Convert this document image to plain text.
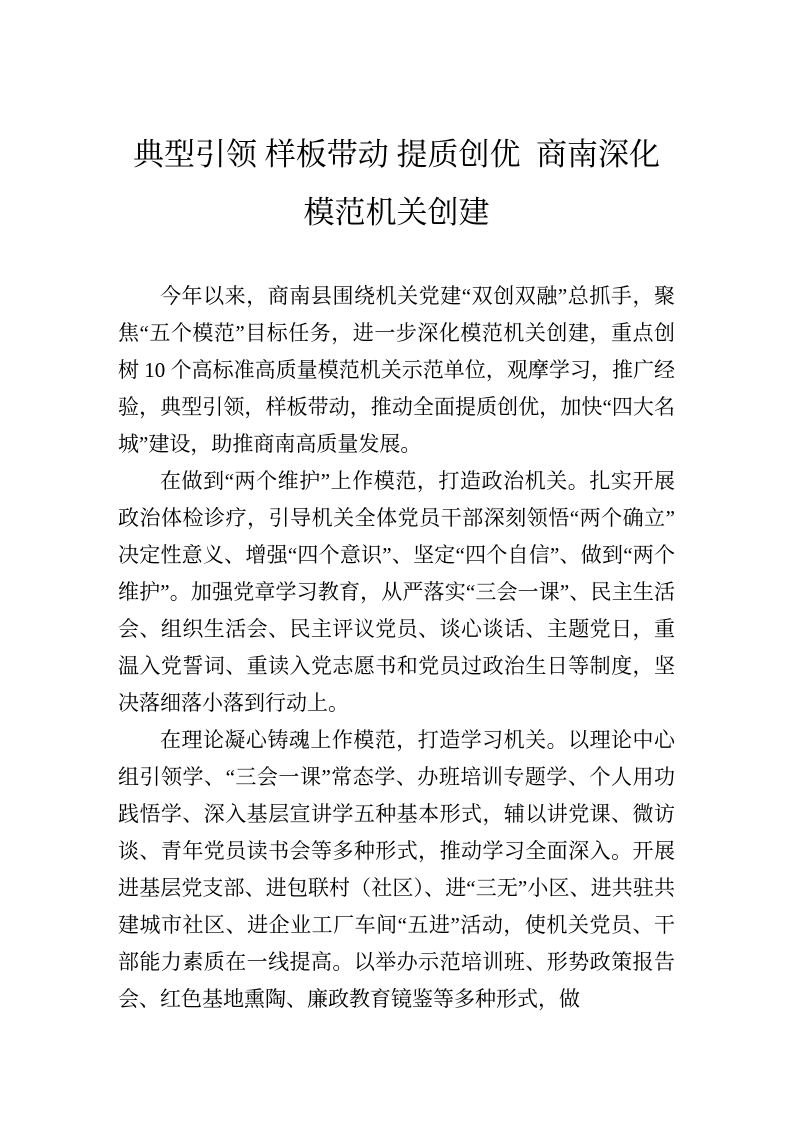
典型引领 样板带动 提质创优  商南深化
模范机关创建

今年以来，商南县围绕机关党建“双创双融”总抓手，聚焦“五个模范”目标任务，进一步深化模范机关创建，重点创树 10 个高标准高质量模范机关示范单位，观摩学习，推广经验，典型引领，样板带动，推动全面提质创优，加快“四大名城”建设，助推商南高质量发展。

在做到“两个维护”上作模范，打造政治机关。扎实开展政治体检诊疗，引导机关全体党员干部深刻领悟“两个确立”决定性意义、增强“四个意识”、坚定“四个自信”、做到“两个维护”。加强党章学习教育，从严落实“三会一课”、民主生活会、组织生活会、民主评议党员、谈心谈话、主题党日，重温入党誓词、重读入党志愿书和党员过政治生日等制度，坚决落细落小落到行动上。

在理论凝心铸魂上作模范，打造学习机关。以理论中心组引领学、“三会一课”常态学、办班培训专题学、个人用功践悟学、深入基层宣讲学五种基本形式，辅以讲党课、微访谈、青年党员读书会等多种形式，推动学习全面深入。开展进基层党支部、进包联村（社区）、进“三无”小区、进共驻共建城市社区、进企业工厂车间“五进”活动，使机关党员、干部能力素质在一线提高。以举办示范培训班、形势政策报告会、红色基地熏陶、廉政教育镜鉴等多种形式，做
